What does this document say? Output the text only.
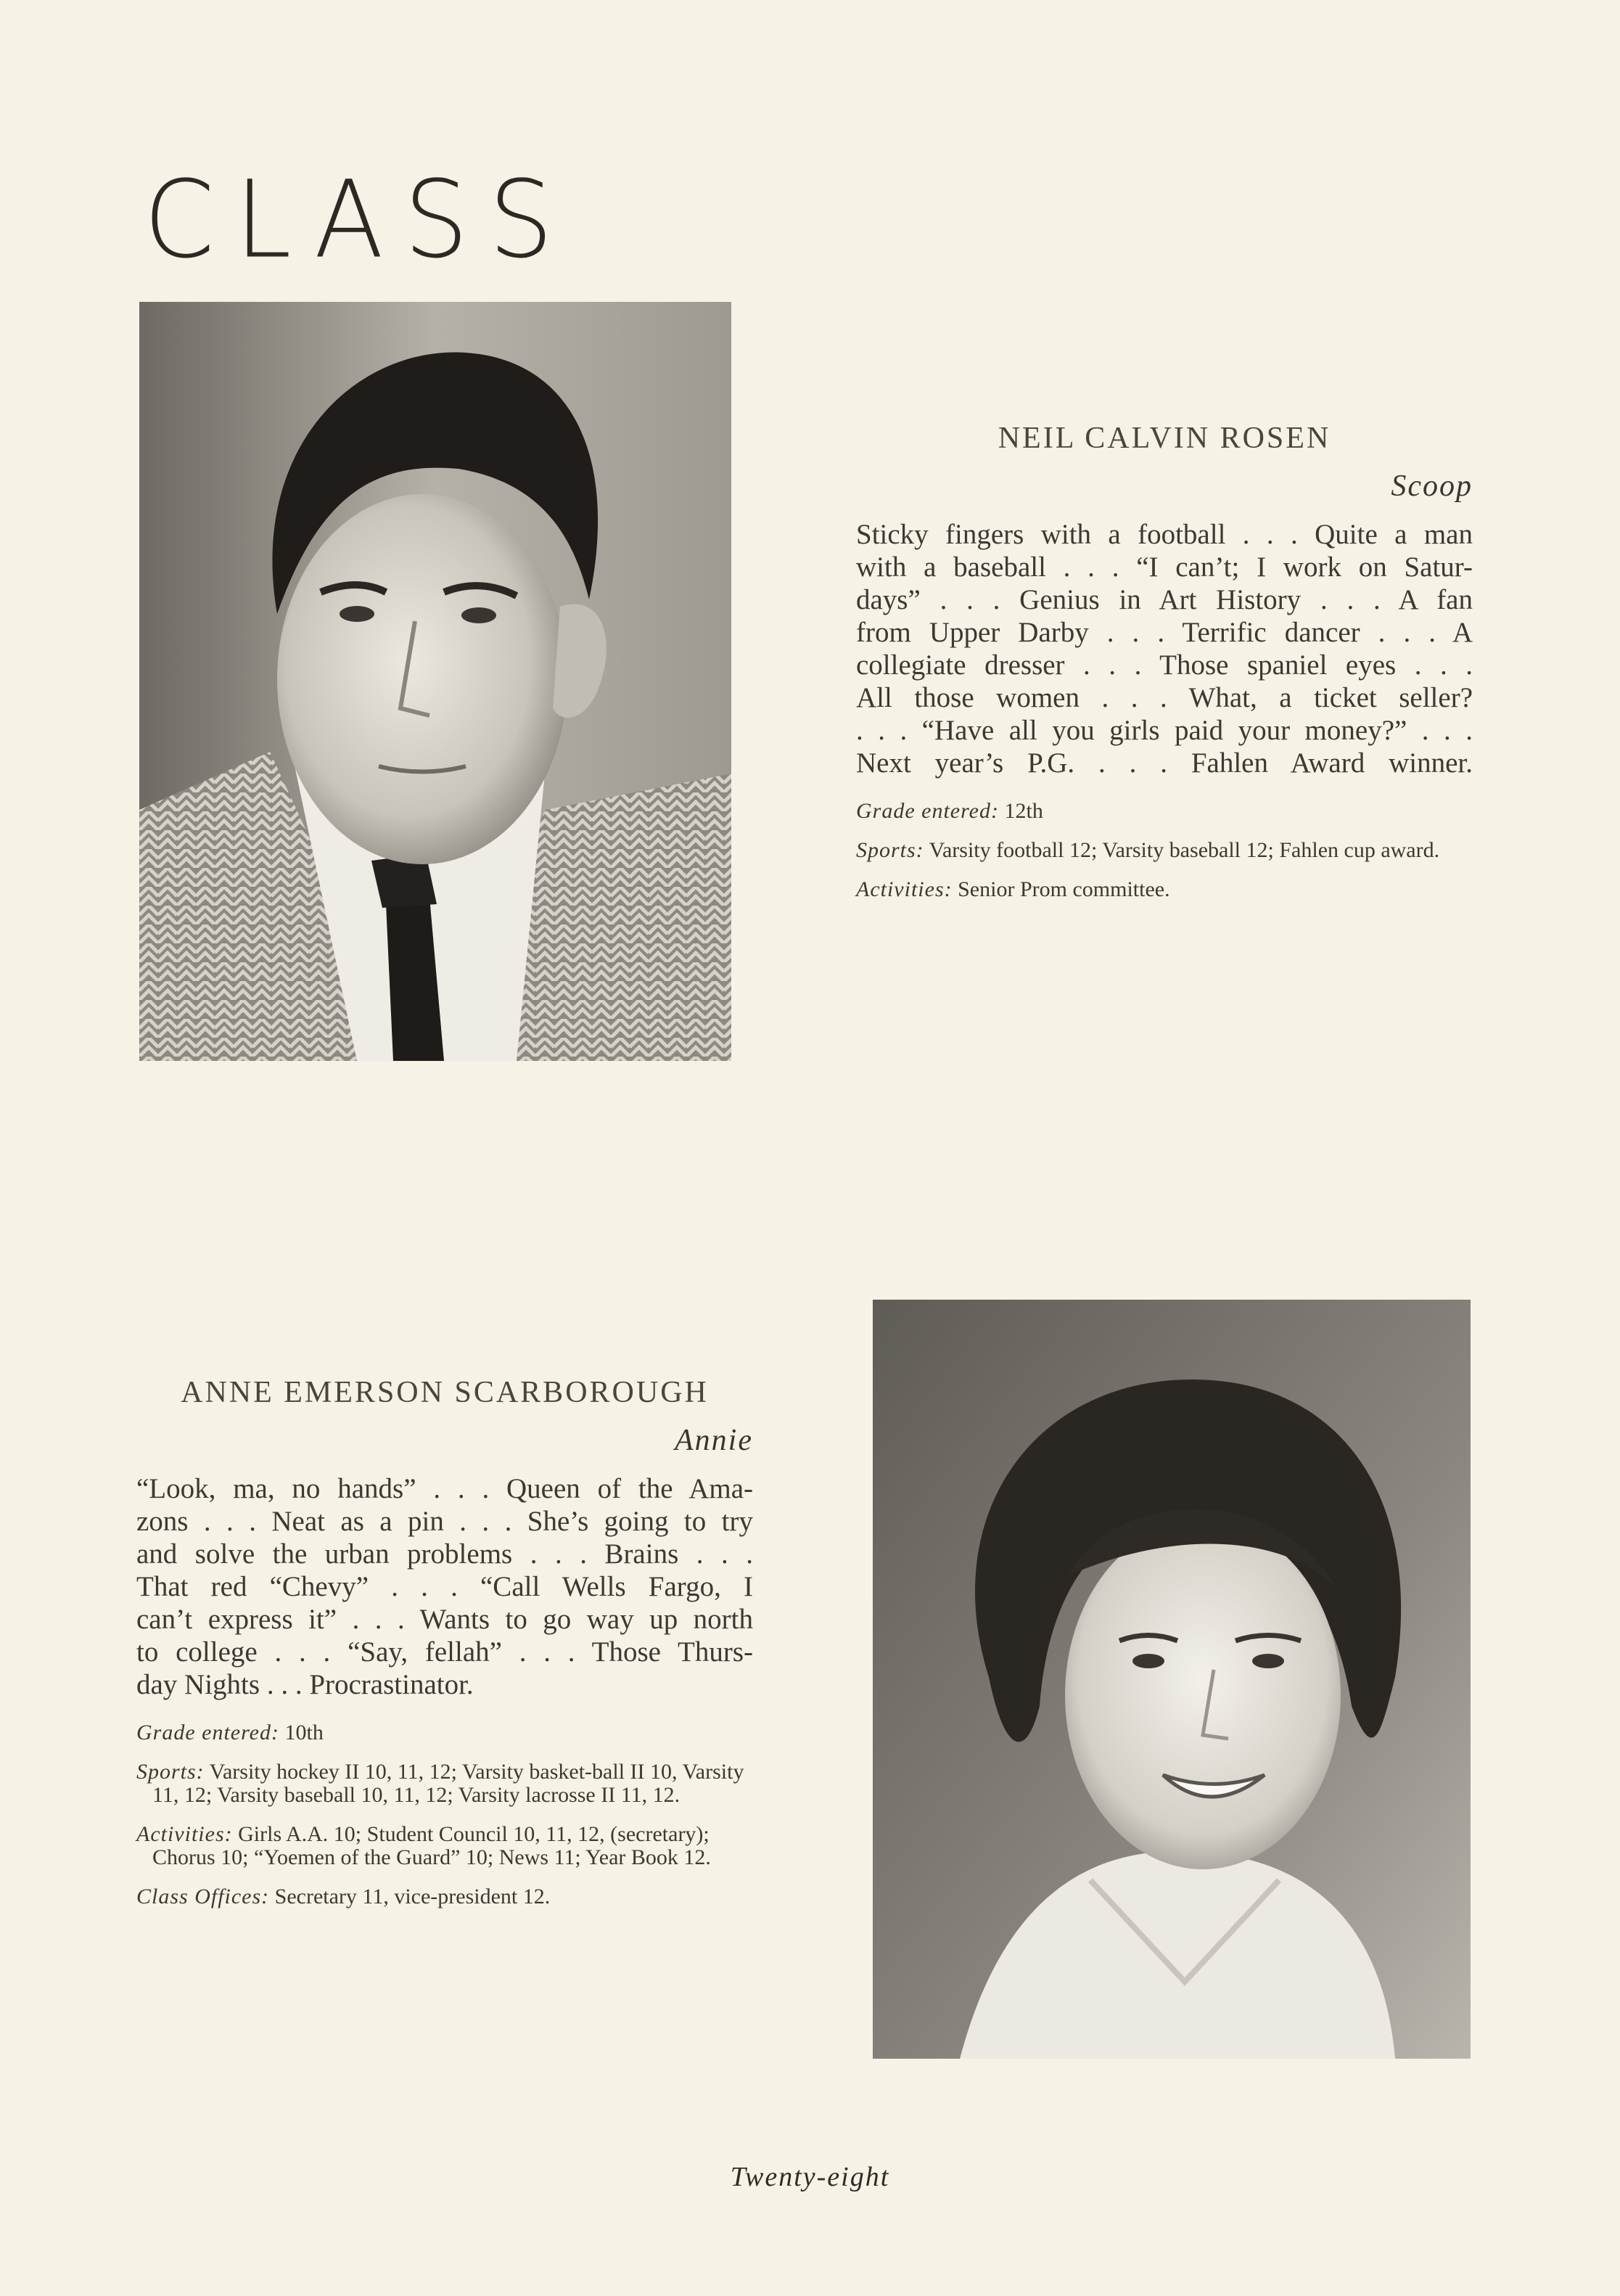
CLASS
NEIL CALVIN ROSEN
Scoop
Sticky fingers with a football . . . Quite a man
with a baseball . . . “I can’t; I work on Satur-
days” . . . Genius in Art History . . . A fan
from Upper Darby . . . Terrific dancer . . . A
collegiate dresser . . . Those spaniel eyes . . .
All those women . . . What, a ticket seller?
. . . “Have all you girls paid your money?” . . .
Next year’s P.G. . . . Fahlen Award winner.

Grade entered: 12th

Sports: Varsity football 12; Varsity baseball 12; Fahlen cup award.

Activities: Senior Prom committee.

ANNE EMERSON SCARBOROUGH
Annie
“Look, ma, no hands” . . . Queen of the Ama-
zons . . . Neat as a pin . . . She’s going to try
and solve the urban problems . . . Brains . . .
That red “Chevy” . . . “Call Wells Fargo, I
can’t express it” . . . Wants to go way up north
to college . . . “Say, fellah” . . . Those Thurs-
day Nights . . . Procrastinator.

Grade entered: 10th

Sports: Varsity hockey II 10, 11, 12; Varsity basket-ball II 10, Varsity 11, 12; Varsity baseball 10, 11, 12; Varsity lacrosse II 11, 12.

Activities: Girls A.A. 10; Student Council 10, 11, 12, (secretary); Chorus 10; “Yoemen of the Guard” 10; News 11; Year Book 12.

Class Offices: Secretary 11, vice-president 12.

Twenty-eight
